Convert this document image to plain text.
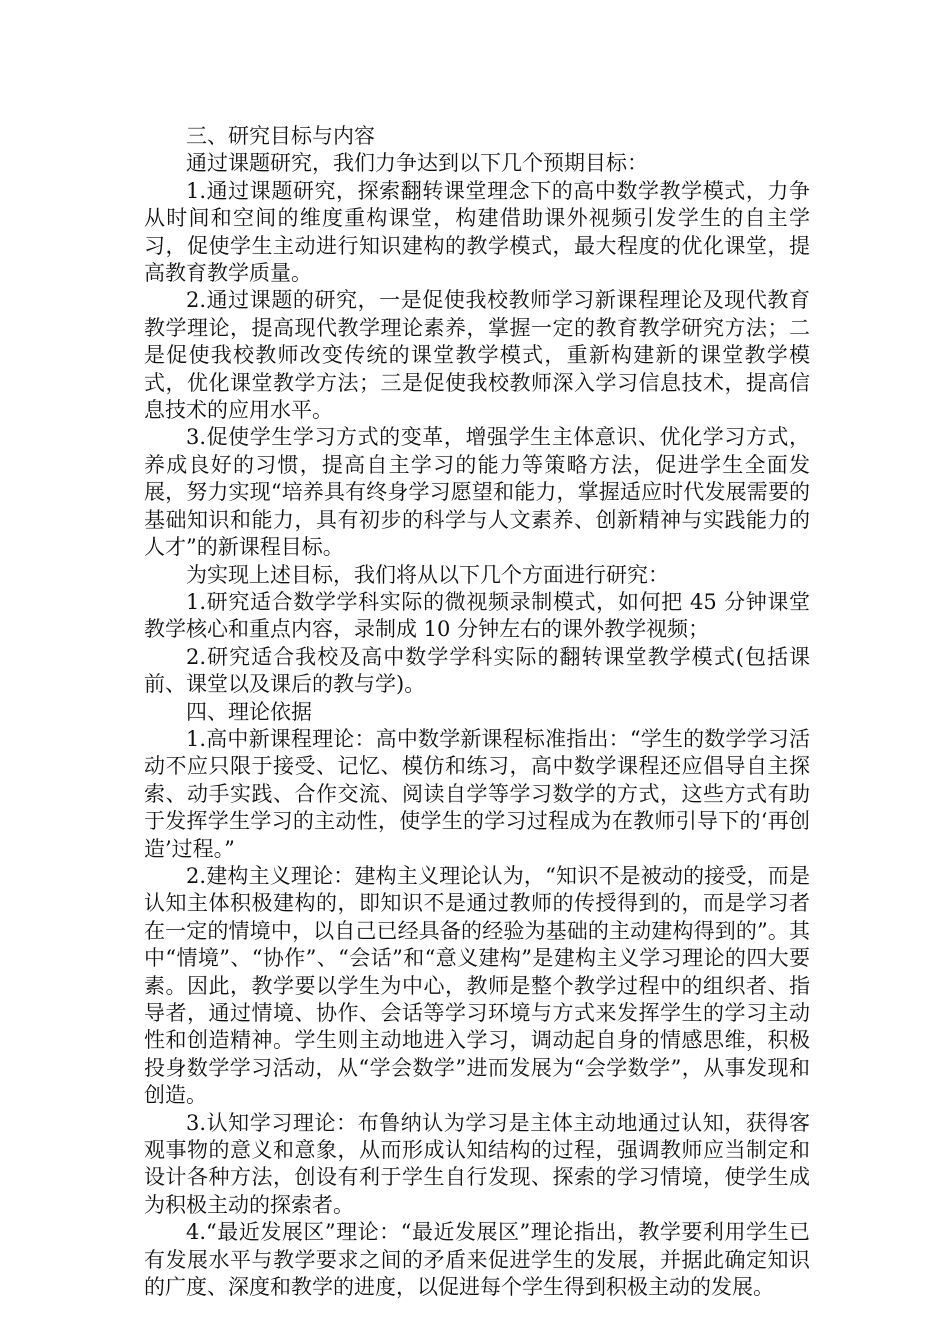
三、研究目标与内容

通过课题研究，我们力争达到以下几个预期目标：

1.通过课题研究，探索翻转课堂理念下的高中数学教学模式，力争从时间和空间的维度重构课堂，构建借助课外视频引发学生的自主学习，促使学生主动进行知识建构的教学模式，最大程度的优化课堂，提高教育教学质量。

2.通过课题的研究，一是促使我校教师学习新课程理论及现代教育教学理论，提高现代教学理论素养，掌握一定的教育教学研究方法；二是促使我校教师改变传统的课堂教学模式，重新构建新的课堂教学模式，优化课堂教学方法；三是促使我校教师深入学习信息技术，提高信息技术的应用水平。

3.促使学生学习方式的变革，增强学生主体意识、优化学习方式，养成良好的习惯，提高自主学习的能力等策略方法，促进学生全面发展，努力实现“培养具有终身学习愿望和能力，掌握适应时代发展需要的基础知识和能力，具有初步的科学与人文素养、创新精神与实践能力的人才”的新课程目标。

为实现上述目标，我们将从以下几个方面进行研究：

1.研究适合数学学科实际的微视频录制模式，如何把 45 分钟课堂教学核心和重点内容，录制成 10 分钟左右的课外教学视频；

2.研究适合我校及高中数学学科实际的翻转课堂教学模式(包括课前、课堂以及课后的教与学)。

四、理论依据

1.高中新课程理论：高中数学新课程标准指出：“学生的数学学习活动不应只限于接受、记忆、模仿和练习，高中数学课程还应倡导自主探索、动手实践、合作交流、阅读自学等学习数学的方式，这些方式有助于发挥学生学习的主动性，使学生的学习过程成为在教师引导下的‘再创造’过程。”

2.建构主义理论：建构主义理论认为，“知识不是被动的接受，而是认知主体积极建构的，即知识不是通过教师的传授得到的，而是学习者在一定的情境中，以自己已经具备的经验为基础的主动建构得到的”。其中“情境”、“协作”、“会话”和“意义建构”是建构主义学习理论的四大要素。因此，教学要以学生为中心，教师是整个教学过程中的组织者、指导者，通过情境、协作、会话等学习环境与方式来发挥学生的学习主动性和创造精神。学生则主动地进入学习，调动起自身的情感思维，积极投身数学学习活动，从“学会数学”进而发展为“会学数学”，从事发现和创造。

3.认知学习理论：布鲁纳认为学习是主体主动地通过认知，获得客观事物的意义和意象，从而形成认知结构的过程，强调教师应当制定和设计各种方法，创设有利于学生自行发现、探索的学习情境，使学生成为积极主动的探索者。

4.“最近发展区”理论：“最近发展区”理论指出，教学要利用学生已有发展水平与教学要求之间的矛盾来促进学生的发展，并据此确定知识的广度、深度和教学的进度，以促进每个学生得到积极主动的发展。
